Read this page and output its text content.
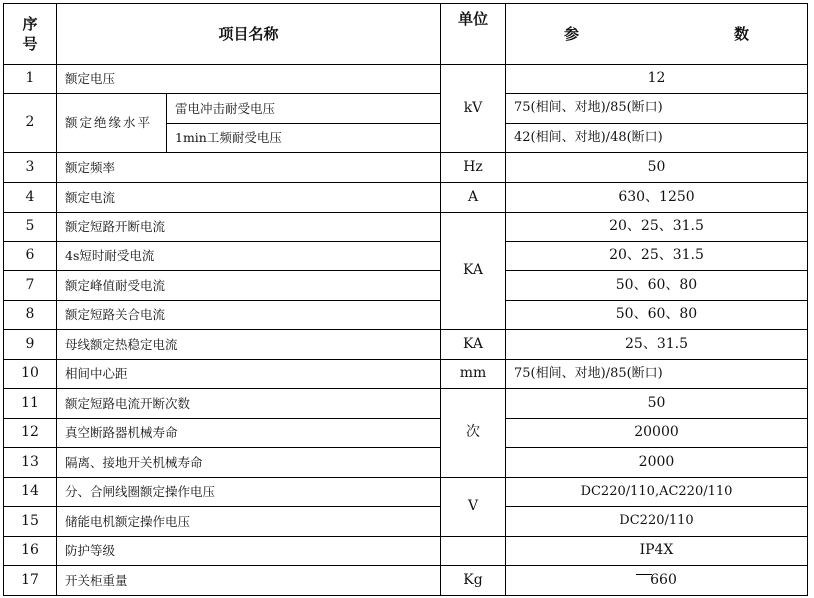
序号	项目名称		单位	参 数

1	额定电压		kV	12
2	额定绝缘水平	雷电冲击耐受电压		75(相间、对地)/85(断口)
		1min工频耐受电压		42(相间、对地)/48(断口)
3	额定频率		Hz	50
4	额定电流		A	630、1250
5	额定短路开断电流		KA	20、25、31.5
6	4s短时耐受电流			20、25、31.5
7	额定峰值耐受电流			50、60、80
8	额定短路关合电流			50、60、80
9	母线额定热稳定电流		KA	25、31.5
10	相间中心距		mm	75(相间、对地)/85(断口)
11	额定短路电流开断次数		次	50
12	真空断路器机械寿命			20000
13	隔离、接地开关机械寿命			2000
14	分、合闸线圈额定操作电压		V	DC220/110,AC220/110
15	储能电机额定操作电压			DC220/110
16	防护等级			IP4X
17	开关柜重量		Kg	660
